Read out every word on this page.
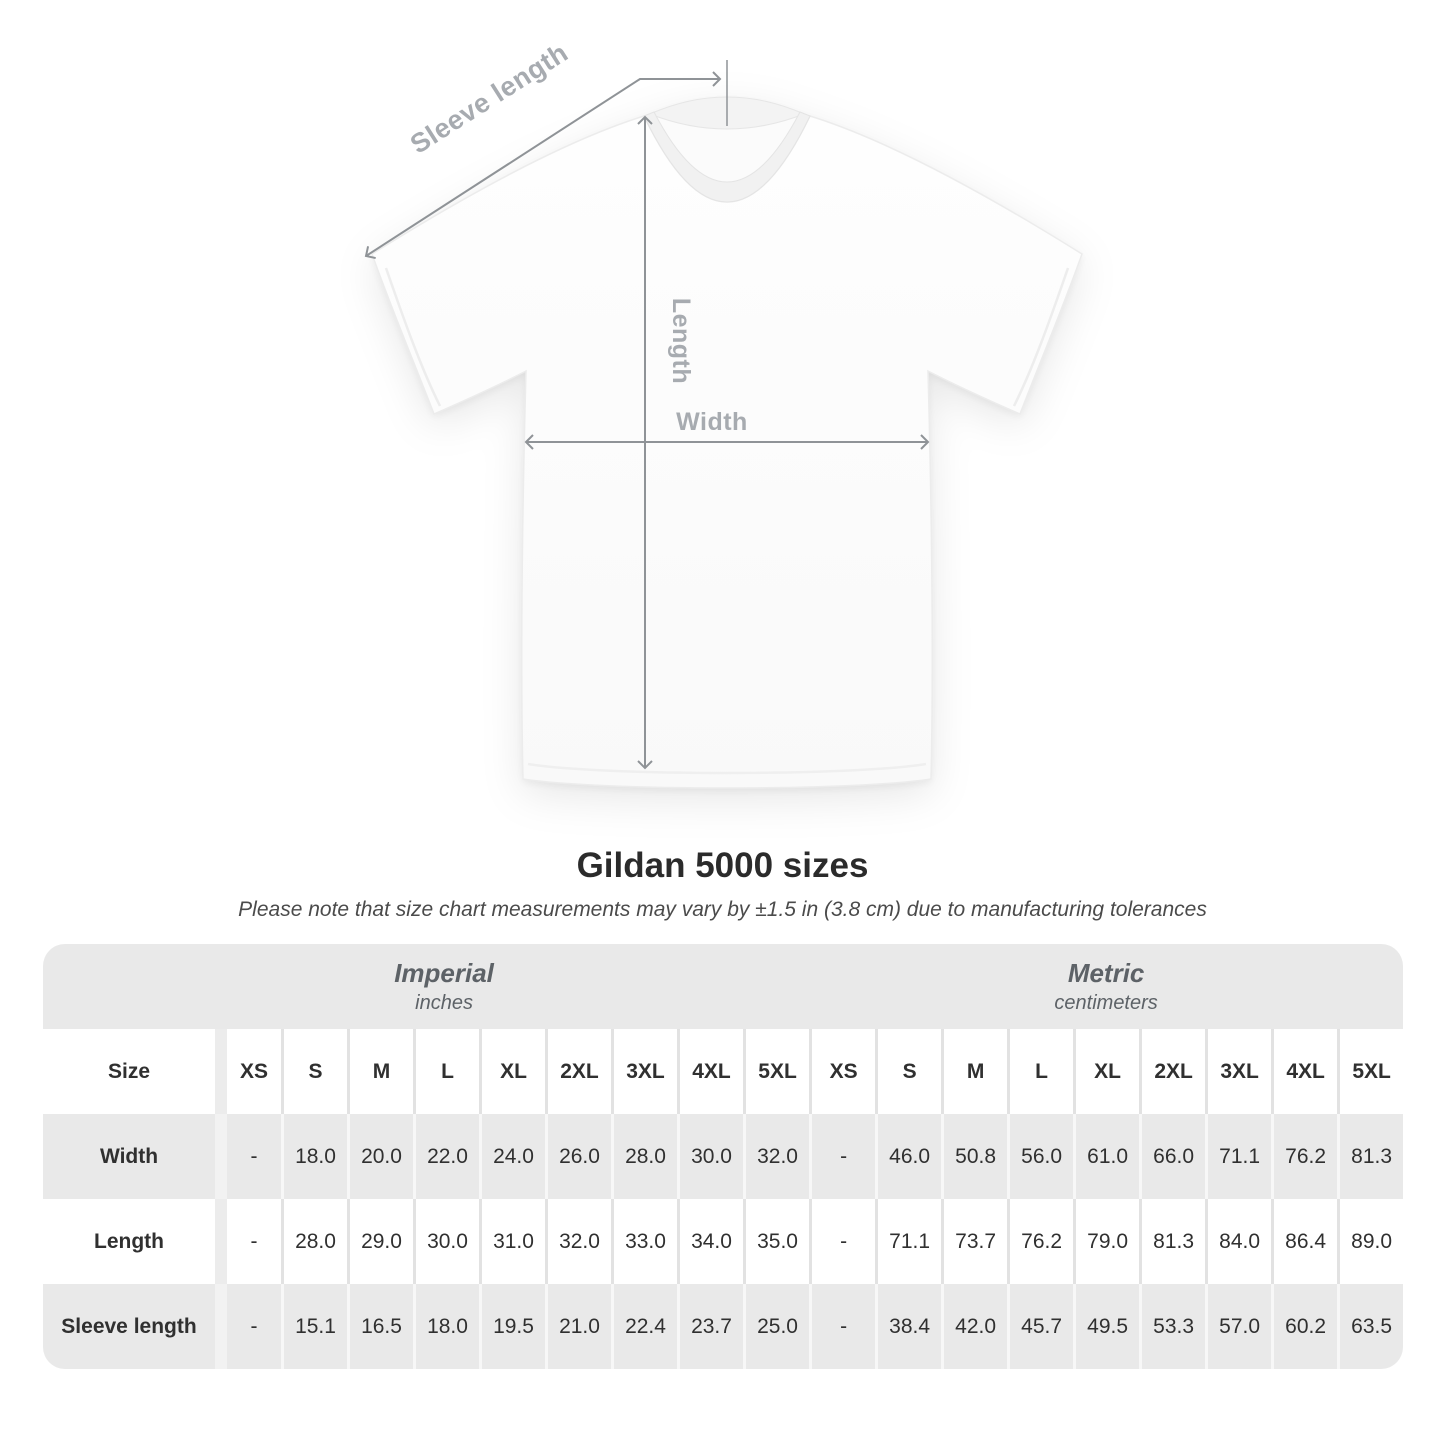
Sleeve length
Length
Width
Gildan 5000 sizes
Please note that size chart measurements may vary by ±1.5 in (3.8 cm) due to manufacturing tolerances
Imperial
inches

Metric
centimeters

Size	XS	S	M	L	XL	2XL	3XL	4XL	5XL	XS	S	M	L	XL	2XL	3XL	4XL	5XL
Width	-	18.0	20.0	22.0	24.0	26.0	28.0	30.0	32.0	-	46.0	50.8	56.0	61.0	66.0	71.1	76.2	81.3
Length	-	28.0	29.0	30.0	31.0	32.0	33.0	34.0	35.0	-	71.1	73.7	76.2	79.0	81.3	84.0	86.4	89.0
Sleeve length	-	15.1	16.5	18.0	19.5	21.0	22.4	23.7	25.0	-	38.4	42.0	45.7	49.5	53.3	57.0	60.2	63.5
